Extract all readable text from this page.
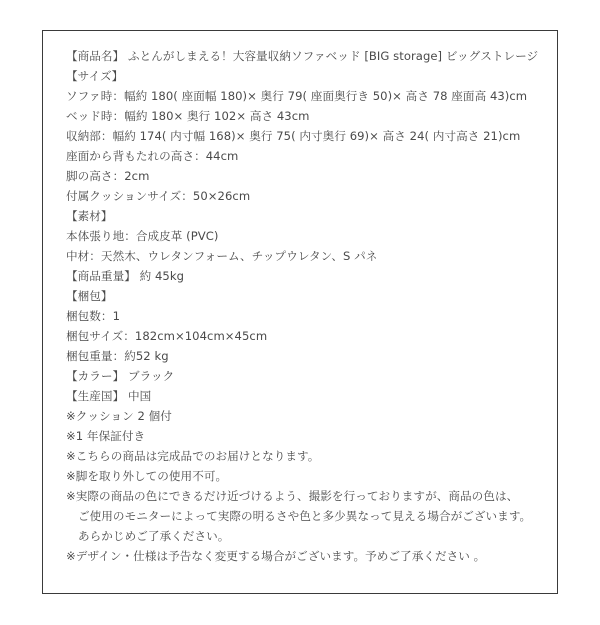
【商品名】 ふとんがしまえる！大容量収納ソファベッド [BIG storage] ビッグストレージ
【サイズ】
ソファ時：幅約 180( 座面幅 180)× 奥行 79( 座面奥行き 50)× 高さ 78 座面高 43)cm
ベッド時：幅約 180× 奥行 102× 高さ 43cm
収納部：幅約 174( 内寸幅 168)× 奥行 75( 内寸奥行 69)× 高さ 24( 内寸高さ 21)cm
座面から背もたれの高さ：44cm
脚の高さ：2cm
付属クッションサイズ：50×26cm
【素材】
本体張り地：合成皮革 (PVC)
中材：天然木、ウレタンフォーム、チップウレタン、S パネ
【商品重量】 約 45kg
【梱包】
梱包数：1
梱包サイズ：182cm×104cm×45cm
梱包重量：約52 kg
【カラー】 ブラック
【生産国】 中国
※クッション 2 個付
※1 年保証付き
※こちらの商品は完成品でのお届けとなります。
※脚を取り外しての使用不可。
※実際の商品の色にできるだけ近づけるよう、撮影を行っておりますが、商品の色は、
ご使用のモニターによって実際の明るさや色と多少異なって見える場合がございます。
あらかじめご了承ください。
※デザイン・仕様は予告なく変更する場合がございます。予めご了承ください 。
